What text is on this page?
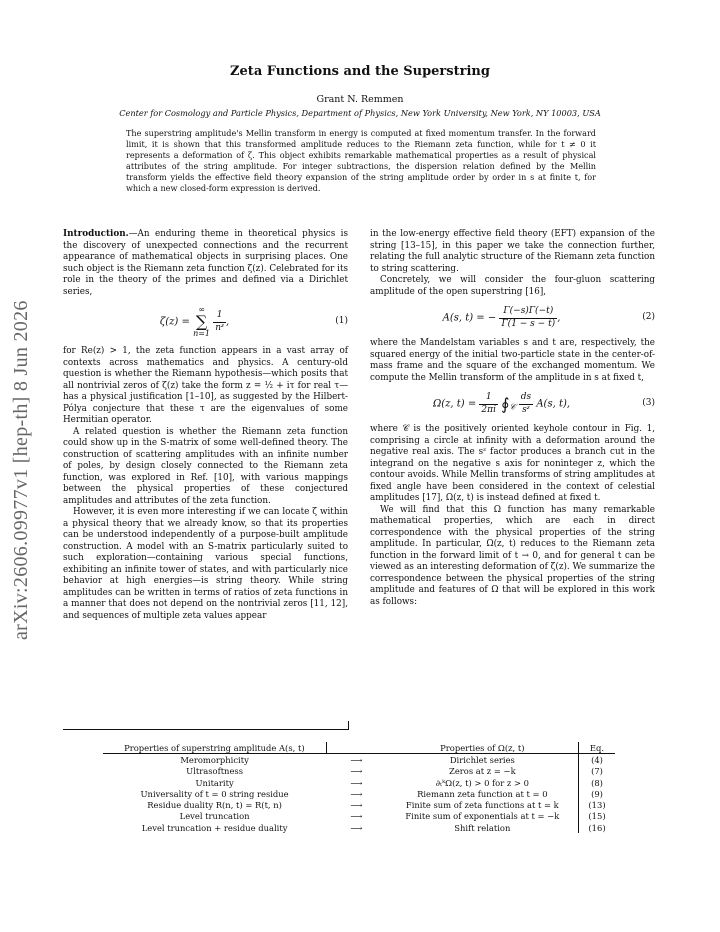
arXiv:2606.09977v1 [hep-th] 8 Jun 2026
Zeta Functions and the Superstring
Grant N. Remmen
Center for Cosmology and Particle Physics, Department of Physics, New York University, New York, NY 10003, USA
The superstring amplitude's Mellin transform in energy is computed at fixed momentum transfer. In the forward limit, it is shown that this transformed amplitude reduces to the Riemann zeta function, while for t ≠ 0 it represents a deformation of ζ. This object exhibits remarkable mathematical properties as a result of physical attributes of the string amplitude. For integer subtractions, the dispersion relation defined by the Mellin transform yields the effective field theory expansion of the string amplitude order by order in s at finite t, for which a new closed-form expression is derived.

Introduction.—An enduring theme in theoretical physics is the discovery of unexpected connections and the recurrent appearance of mathematical objects in surprising places. One such object is the Riemann zeta function ζ(z). Celebrated for its role in the theory of the primes and defined via a Dirichlet series,

ζ(z) = ∞
∑
$n=1 \frac{1}{\text{nᶻ}}$ ,	(1)

for Re(z) > 1, the zeta function appears in a vast array of contexts across mathematics and physics. A century-old question is whether the Riemann hypothesis—which posits that all nontrivial zeros of ζ(z) take the form z = ½ + iτ for real τ—has a physical justification [1–10], as suggested by the Hilbert-Pólya conjecture that these τ are the eigenvalues of some Hermitian operator.

A related question is whether the Riemann zeta function could show up in the S-matrix of some well-defined theory. The construction of scattering amplitudes with an infinite number of poles, by design closely connected to the Riemann zeta function, was explored in Ref. [10], with various mappings between the physical properties of these conjectured amplitudes and attributes of the zeta function.

However, it is even more interesting if we can locate ζ within a physical theory that we already know, so that its properties can be understood independently of a purpose-built amplitude construction. A model with an S-matrix particularly suited to such exploration—containing various special functions, exhibiting an infinite tower of states, and with particularly nice behavior at high energies—is string theory. While string amplitudes can be written in terms of ratios of zeta functions in a manner that does not depend on the nontrivial zeros [11, 12], and sequences of multiple zeta values appear

in the low-energy effective field theory (EFT) expansion of the string [13–15], in this paper we take the connection further, relating the full analytic structure of the Riemann zeta function to string scattering.

Concretely, we will consider the four-gluon scattering amplitude of the open superstring [16],

A(s, t) = − $\frac{\Gamma(-s)\Gamma(-t)}{\Gamma(1 - s - t)}$ ,	(2)

where the Mandelstam variables s and t are, respectively, the squared energy of the initial two-particle state in the center-of-mass frame and the square of the exchanged momentum. We compute the Mellin transform of the amplitude in s at fixed t,

Ω(z, $t) = \frac{1}{2\pi i}$ $∮_𝒞 \frac{ds}{\text{sᶻ}} A(s$, t),	(3)

where 𝒞 is the positively oriented keyhole contour in Fig. 1, comprising a circle at infinity with a deformation around the negative real axis. The sᶻ factor produces a branch cut in the integrand on the negative s axis for noninteger z, which the contour avoids. While Mellin transforms of string amplitudes at fixed angle have been considered in the context of celestial amplitudes [17], Ω(z, t) is instead defined at fixed t.

We will find that this Ω function has many remarkable mathematical properties, which are each in direct correspondence with the physical properties of the string amplitude. In particular, Ω(z, t) reduces to the Riemann zeta function in the forward limit of t → 0, and for general t can be viewed as an interesting deformation of ζ(z). We summarize the correspondence between the physical properties of the string amplitude and features of Ω that will be explored in this work as follows:

Properties of superstring amplitude A(s, t)		Properties of Ω(z, t)	Eq.
Meromorphicity	⟶	Dirichlet series	(4)
Ultrasoftness	⟶	Zeros at z = −k	(7)
Unitarity	⟶	∂ₜᵏΩ(z, t) > 0 for z > 0	(8)
Universality of t = 0 string residue	⟶	Riemann zeta function at t = 0	(9)
Residue duality R(n, t) = R(t, n)	⟶	Finite sum of zeta functions at t = k	(13)
Level truncation	⟶	Finite sum of exponentials at t = −k	(15)
Level truncation + residue duality	⟶	Shift relation	(16)
